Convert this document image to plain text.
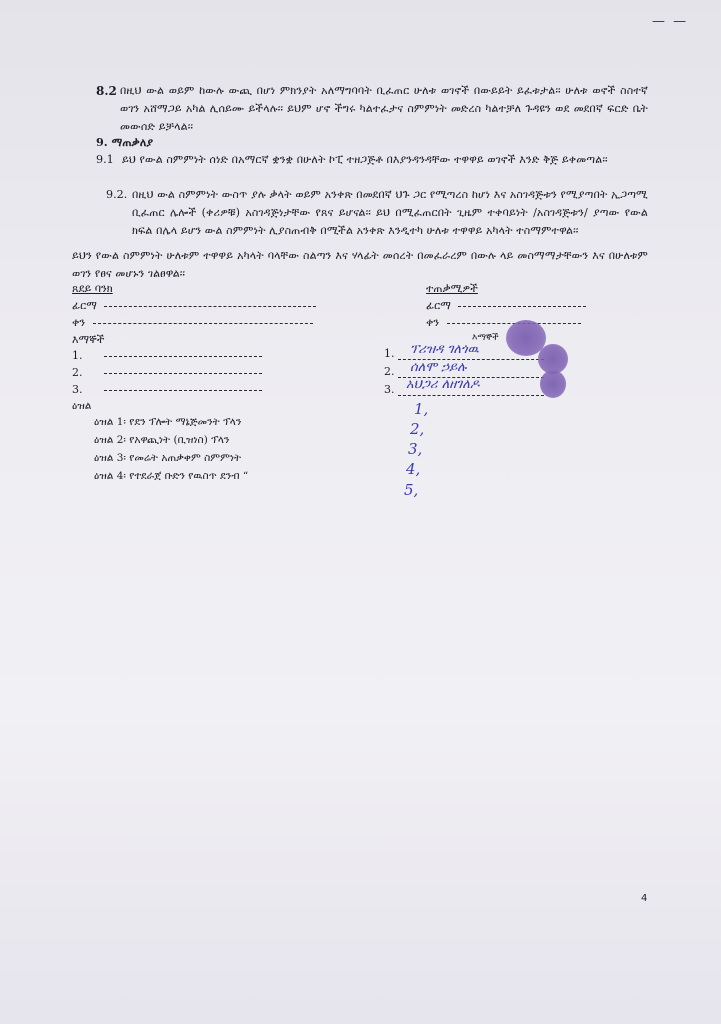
— —
8.2 በዚህ ውል ወይም ከውሉ ውጪ በሆነ ምክንያት አለማግባባት ቢፈጠር ሁለቱ ወገኖች በውይይት ይፈቱታል፡፡ ሁለቱ ወኖች ስስተኛ ወገን አሸማጋይ አካል ሊሰይሙ ይችላሉ፡፡ ይህም ሆኖ ችግሩ ካልተፈታና ስምምነት መድረስ ካልተቻለ ጉዳዩን ወደ መደበኛ ፍርድ ቤት መውሰድ ይቻላል፡፡
9. ማጠቃለያ
9.1 ይህ የውል ስምምነት ሰነድ በአማርኛ ቋንቋ በሁለት ኮፒ ተዘጋጅቶ በእያንዳንዳቸው ተዋዋይ ወገኖች እንድ ቅጅ ይቀመጣል፡፡
9.2. በዚህ ውል ስምምነት ውስጥ ያሉ ቃላት ወይም አንቀጽ በመደበኛ ህጉ ጋር የሚጣረስ ከሆነ እና አስገዳጅቱን የሚያጣበት ኢጋጣሚ ቢፈጠር ሌሎች (ቀሪዎቹ) አስገዳጅነታቸው የጸና ይሆናል፡፡ ይህ በሚፈጠርበት ጊዜም ተቀባይነት /አስገዳጅቱን/ ያጣው የውል ክፍል በሌላ ይሆን ውል ስምምነት ሊያስጠብቅ በሚችል አንቀጽ እንዲተካ ሁለቱ ተዋዋይ አካላት ተስማምተዋል፡፡
ይህን የውል ስምምነት ሁለቱም ተዋዋይ አካላት ባላቸው ስልጣን እና ሃላፊት መሰረት በመፈራረም በውሉ ላይ መስማማታቸውን እና በሁለቱም ወገን የፀና መሆኑን ገልፀዋል፡፡
ጸደይ ባንክ
ፊርማ
ቀን
እማኞች
1.
2.
3.
ተጠቃሚዎች
ፊርማ
ቀን
እማኞች
1.
2.
3.
ፕሪዝዳ ገለጎዉ
ሰለሞ ኃይሉ
አህጋሪ ለዘገለዶ
ዕዝል
ዕዝል 1፡ የደን ፕሎት ማኔጅመንት ፕላን
ዕዝል 2፡ የአዋጪነት (ቢዝነስ) ፕላን
ዕዝል 3፡ የመሬት አጠቃቀም ስምምነት
ዕዝል 4፡ የተደራጀ ቡድን የዉስጥ ደንብ “
1,
2,
3,
4,
5,
4
